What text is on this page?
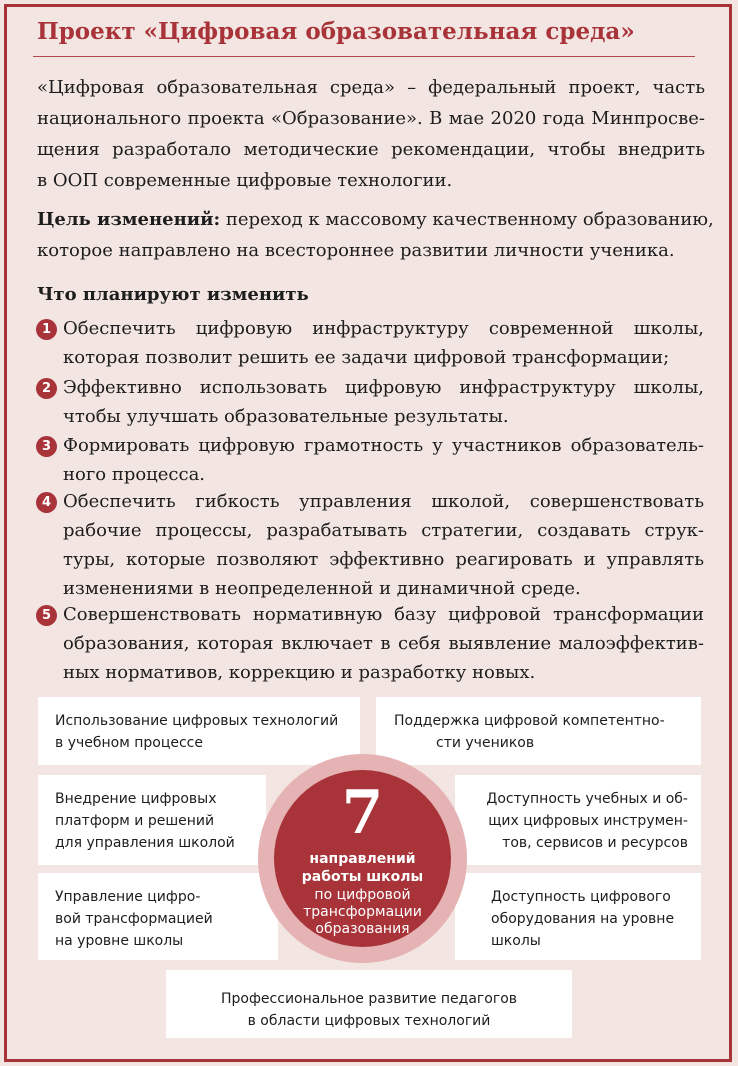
Проект «Цифровая образовательная среда»
«Цифровая образовательная среда» – федеральный проект, часть
национального проекта «Образование». В мае 2020 года Минпросве-
щения разработало методические рекомендации, чтобы внедрить
в ООП современные цифровые технологии.
Цель изменений: переход к массовому качественному образованию,
которое направлено на всестороннее развитии личности ученика.
Что планируют изменить
1 Обеспечить цифровую инфраструктуру современной школы,
которая позволит решить ее задачи цифровой трансформации;
2 Эффективно использовать цифровую инфраструктуру школы,
чтобы улучшать образовательные результаты.
3 Формировать цифровую грамотность у участников образователь-
ного процесса.
4 Обеспечить гибкость управления школой, совершенствовать
рабочие процессы, разрабатывать стратегии, создавать струк-
туры, которые позволяют эффективно реагировать и управлять
изменениями в неопределенной и динамичной среде.
5 Совершенствовать нормативную базу цифровой трансформации
образования, которая включает в себя выявление малоэффектив-
ных нормативов, коррекцию и разработку новых.
Использование цифровых технологий
в учебном процессе
Поддержка цифровой компетентно-
сти учеников
Внедрение цифровых
платформ и решений
для управления школой
Доступность учебных и об-
щих цифровых инструмен-
тов, сервисов и ресурсов
Управление цифро-
вой трансформацией
на уровне школы
Доступность цифрового
оборудования на уровне
школы
Профессиональное развитие педагогов
в области цифровых технологий
7
направлений
работы школы
по цифровой
трансформации
образования
